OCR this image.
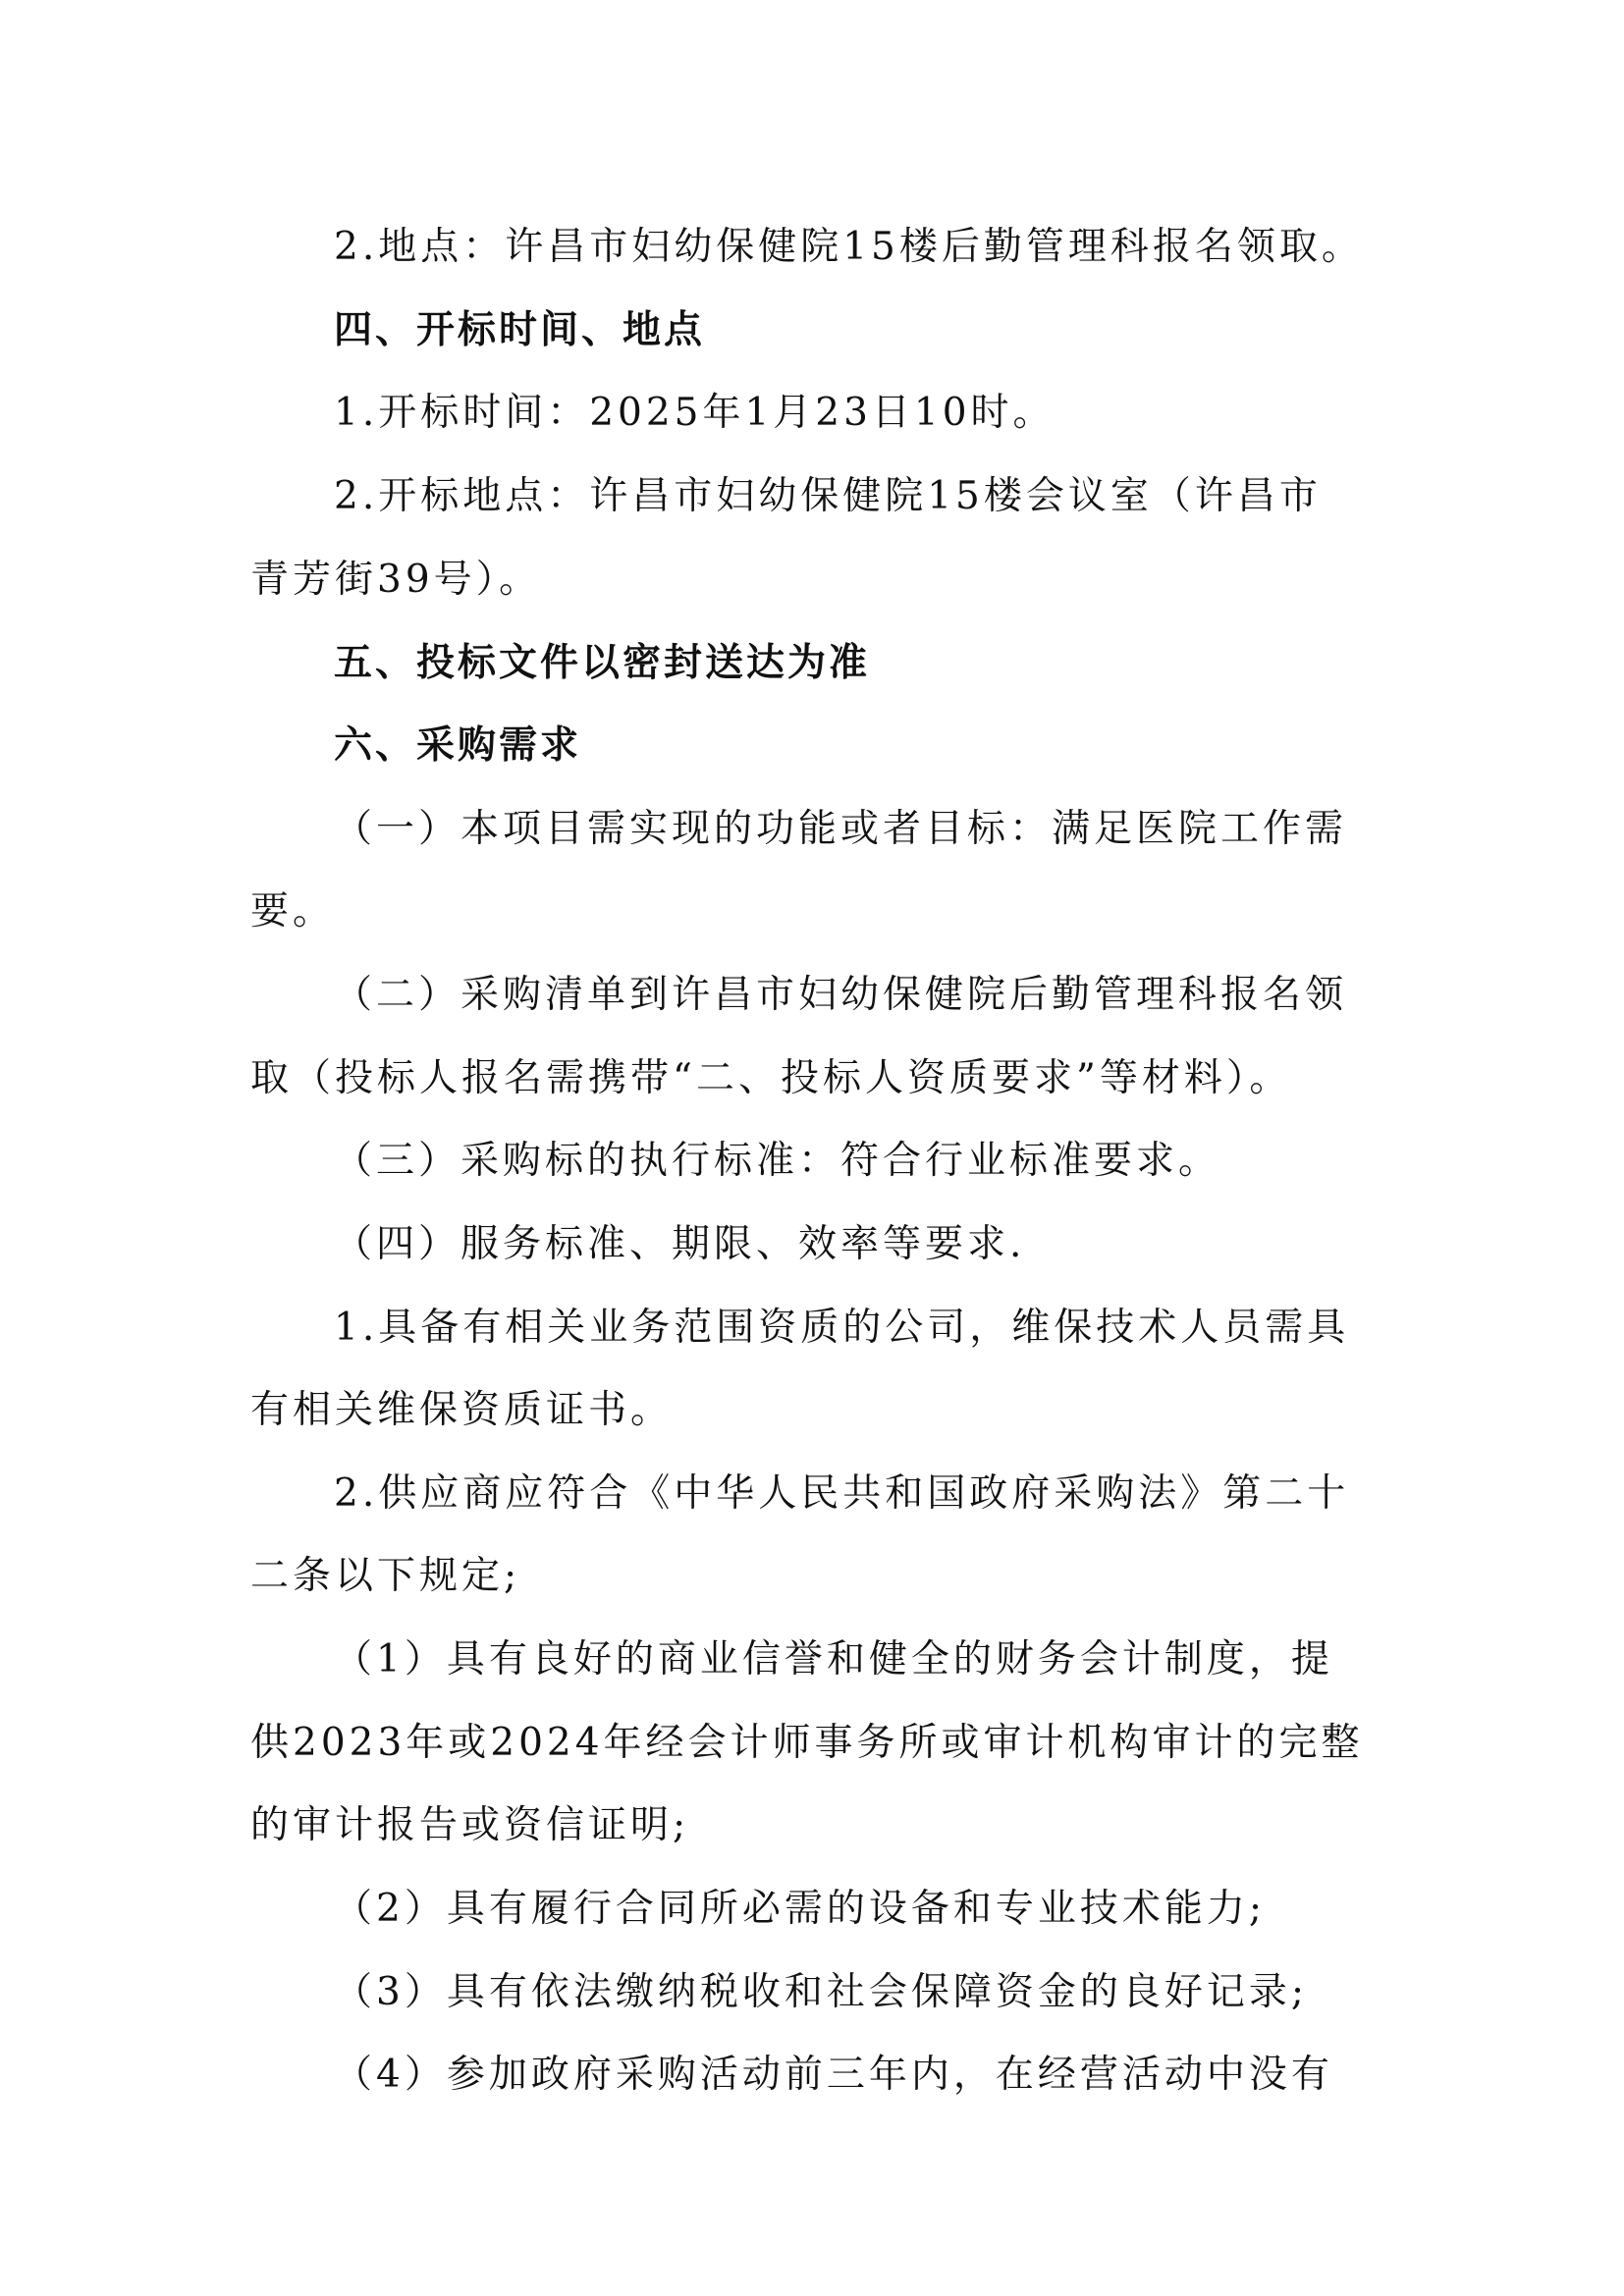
2.地点：许昌市妇幼保健院15楼后勤管理科报名领取。
四、开标时间、地点
1.开标时间：2025年1月23日10时。
2.开标地点：许昌市妇幼保健院15楼会议室（许昌市
青芳街39号）。
五、投标文件以密封送达为准
六、采购需求
（一）本项目需实现的功能或者目标：满足医院工作需
要。
（二）采购清单到许昌市妇幼保健院后勤管理科报名领
取（投标人报名需携带“二、投标人资质要求”等材料）。
（三）采购标的执行标准：符合行业标准要求。
（四）服务标准、期限、效率等要求.
1.具备有相关业务范围资质的公司，维保技术人员需具
有相关维保资质证书。
2.供应商应符合《中华人民共和国政府采购法》第二十
二条以下规定;
（1）具有良好的商业信誉和健全的财务会计制度，提
供2023年或2024年经会计师事务所或审计机构审计的完整
的审计报告或资信证明;
（2）具有履行合同所必需的设备和专业技术能力;
（3）具有依法缴纳税收和社会保障资金的良好记录;
（4）参加政府采购活动前三年内，在经营活动中没有
